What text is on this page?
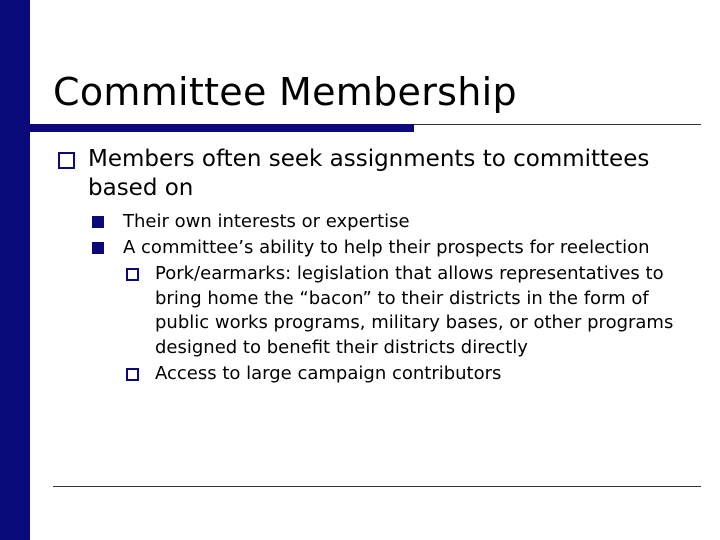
Committee Membership
Members often seek assignments to committees based on
Their own interests or expertise
A committee’s ability to help their prospects for reelection
Pork/earmarks: legislation that allows representatives to bring home the “bacon” to their districts in the form of public works programs, military bases, or other programs designed to benefit their districts directly
Access to large campaign contributors
